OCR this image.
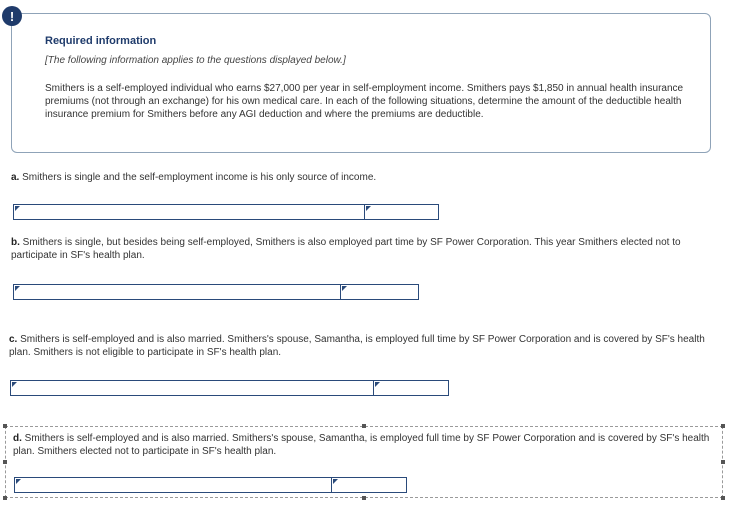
Required information
[The following information applies to the questions displayed below.]
Smithers is a self-employed individual who earns $27,000 per year in self-employment income. Smithers pays $1,850 in annual health insurance premiums (not through an exchange) for his own medical care. In each of the following situations, determine the amount of the deductible health insurance premium for Smithers before any AGI deduction and where the premiums are deductible.
!
a. Smithers is single and the self-employment income is his only source of income.
b. Smithers is single, but besides being self-employed, Smithers is also employed part time by SF Power Corporation. This year Smithers elected not to participate in SF's health plan.
c. Smithers is self-employed and is also married. Smithers's spouse, Samantha, is employed full time by SF Power Corporation and is covered by SF's health plan. Smithers is not eligible to participate in SF's health plan.
d. Smithers is self-employed and is also married. Smithers's spouse, Samantha, is employed full time by SF Power Corporation and is covered by SF's health plan. Smithers elected not to participate in SF's health plan.
